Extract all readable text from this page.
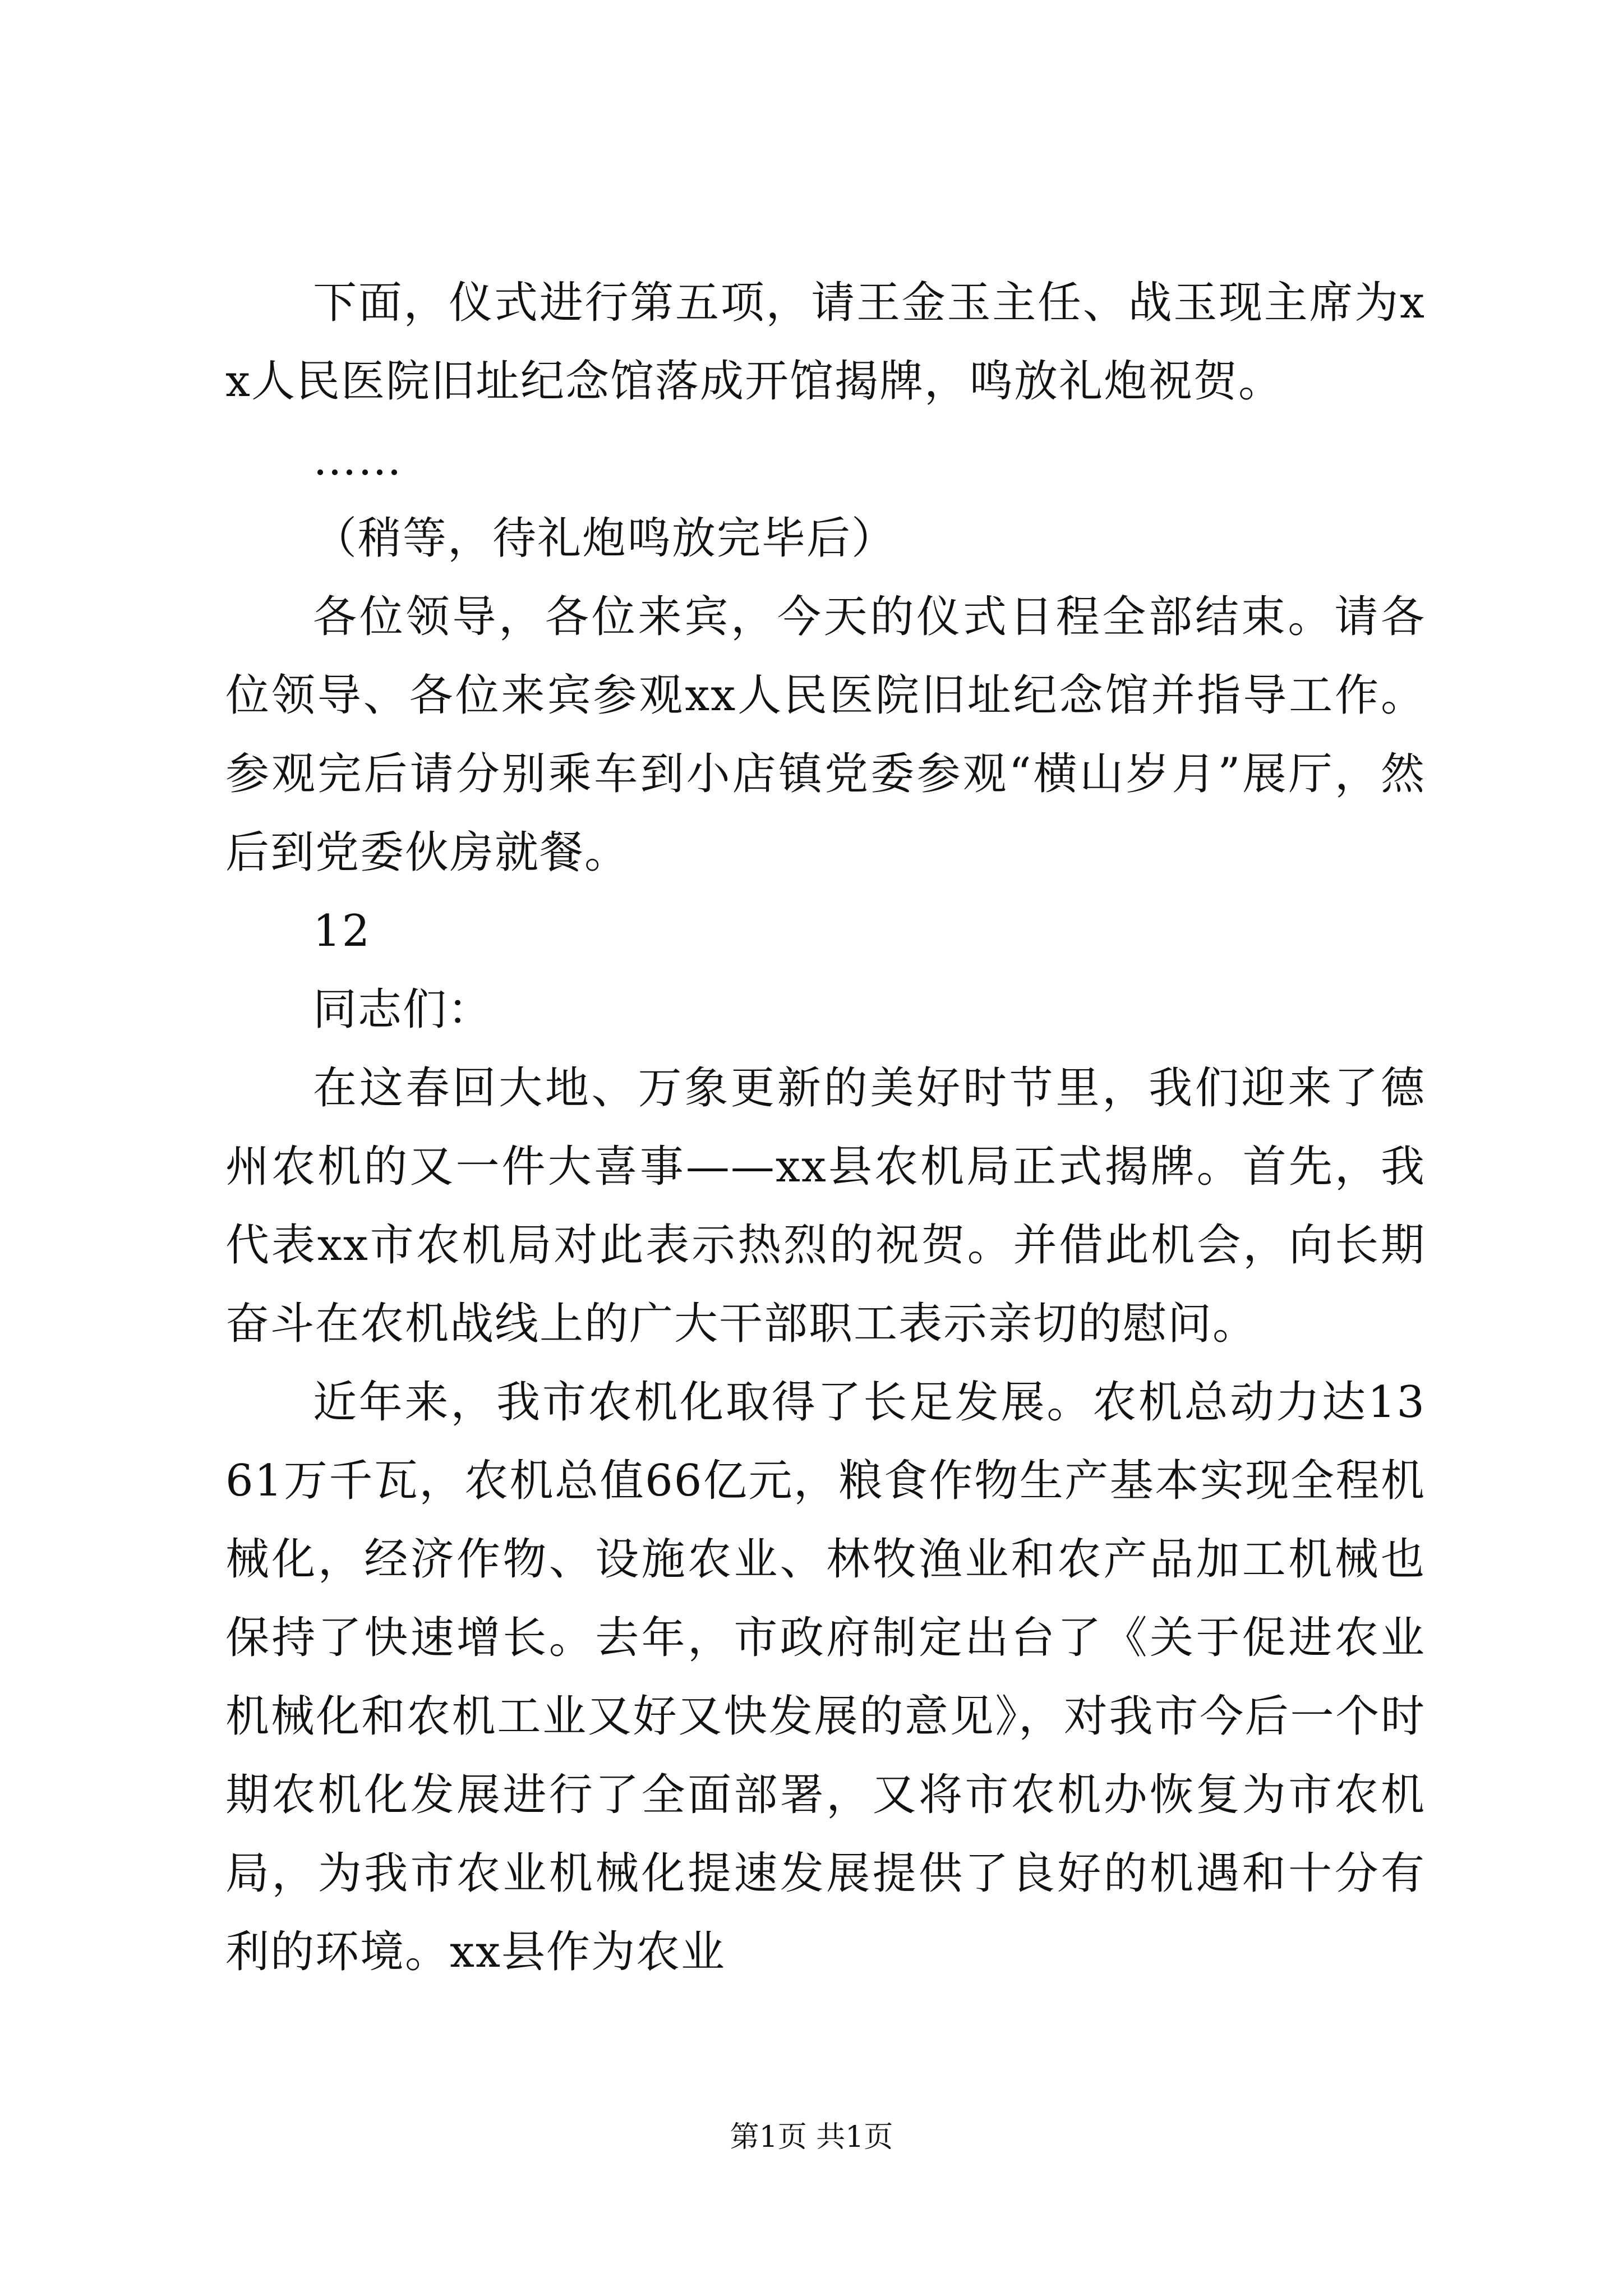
下面，仪式进行第五项，请王金玉主任、战玉现主席为xx人民医院旧址纪念馆落成开馆揭牌，鸣放礼炮祝贺。

……

（稍等，待礼炮鸣放完毕后）

各位领导，各位来宾，今天的仪式日程全部结束。请各位领导、各位来宾参观xx人民医院旧址纪念馆并指导工作。参观完后请分别乘车到小店镇党委参观“横山岁月”展厅，然后到党委伙房就餐。

12

同志们：

在这春回大地、万象更新的美好时节里，我们迎来了德州农机的又一件大喜事——xx县农机局正式揭牌。首先，我代表xx市农机局对此表示热烈的祝贺。并借此机会，向长期奋斗在农机战线上的广大干部职工表示亲切的慰问。

近年来，我市农机化取得了长足发展。农机总动力达1361万千瓦，农机总值66亿元，粮食作物生产基本实现全程机械化，经济作物、设施农业、林牧渔业和农产品加工机械也保持了快速增长。去年，市政府制定出台了《关于促进农业机械化和农机工业又好又快发展的意见》，对我市今后一个时期农机化发展进行了全面部署，又将市农机办恢复为市农机局，为我市农业机械化提速发展提供了良好的机遇和十分有利的环境。xx县作为农业

第1页 共1页
